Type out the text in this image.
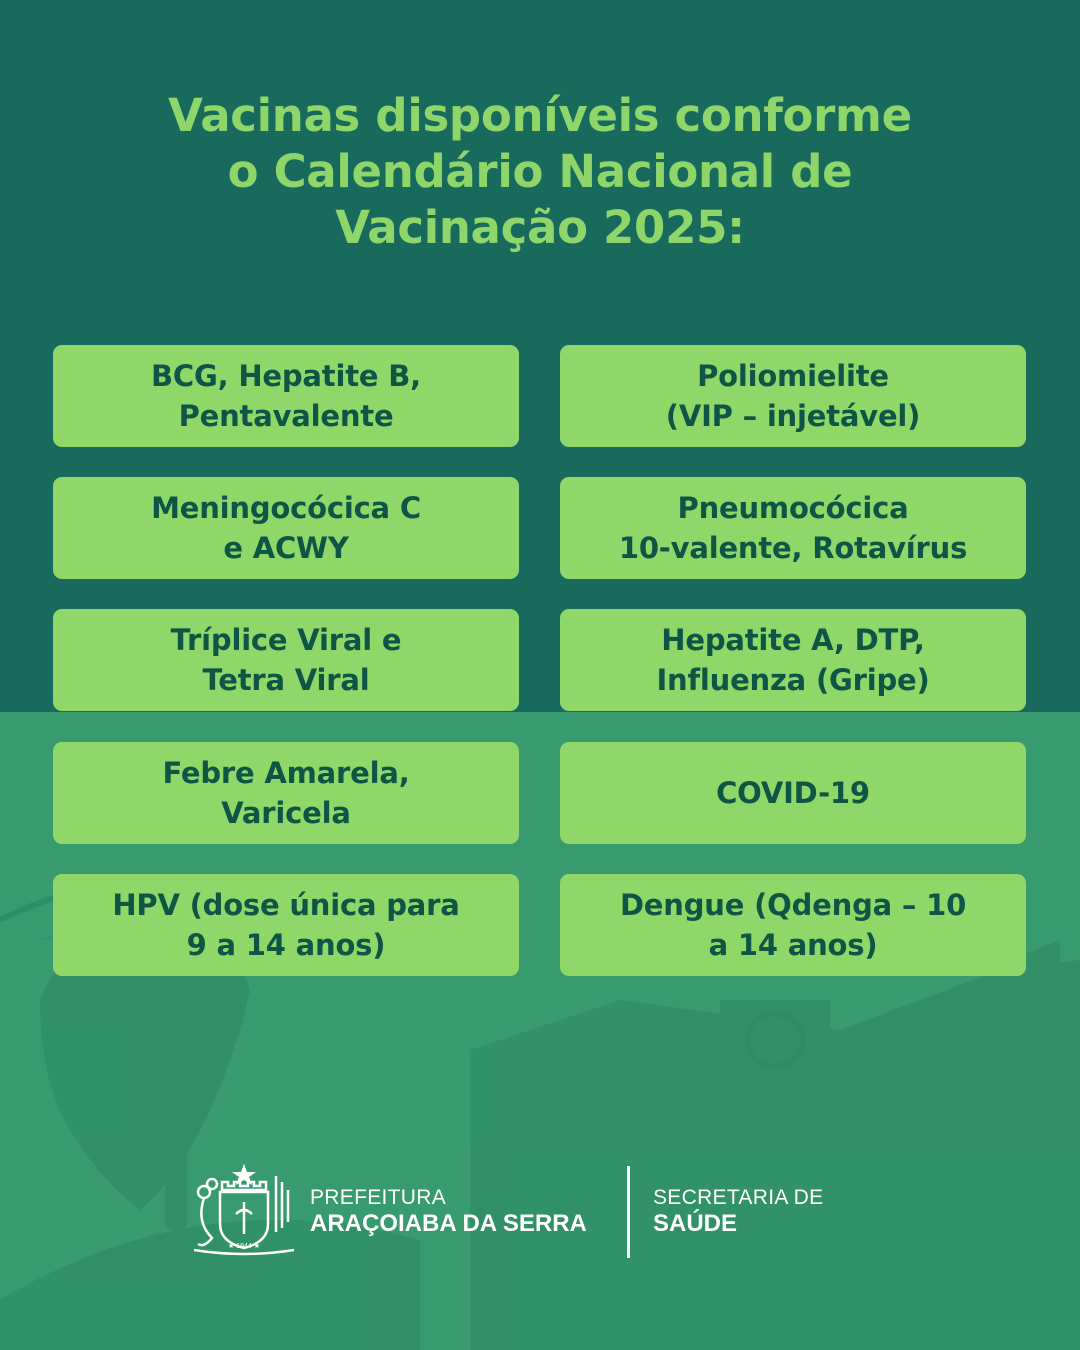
Vacinas disponíveis conforme
o Calendário Nacional de
Vacinação 2025:
BCG, Hepatite B,
Pentavalente
Poliomielite
(VIP – injetável)
Meningocócica C
e ACWY
Pneumocócica
10-valente, Rotavírus
Tríplice Viral e
Tetra Viral
Hepatite A, DTP,
Influenza (Gripe)
Febre Amarela,
Varicela
COVID-19
HPV (dose única para
9 a 14 anos)
Dengue (Qdenga – 10
a 14 anos)
★ 1944 ★
PREFEITURA
ARAÇOIABA DA SERRA
SECRETARIA DE
SAÚDE
